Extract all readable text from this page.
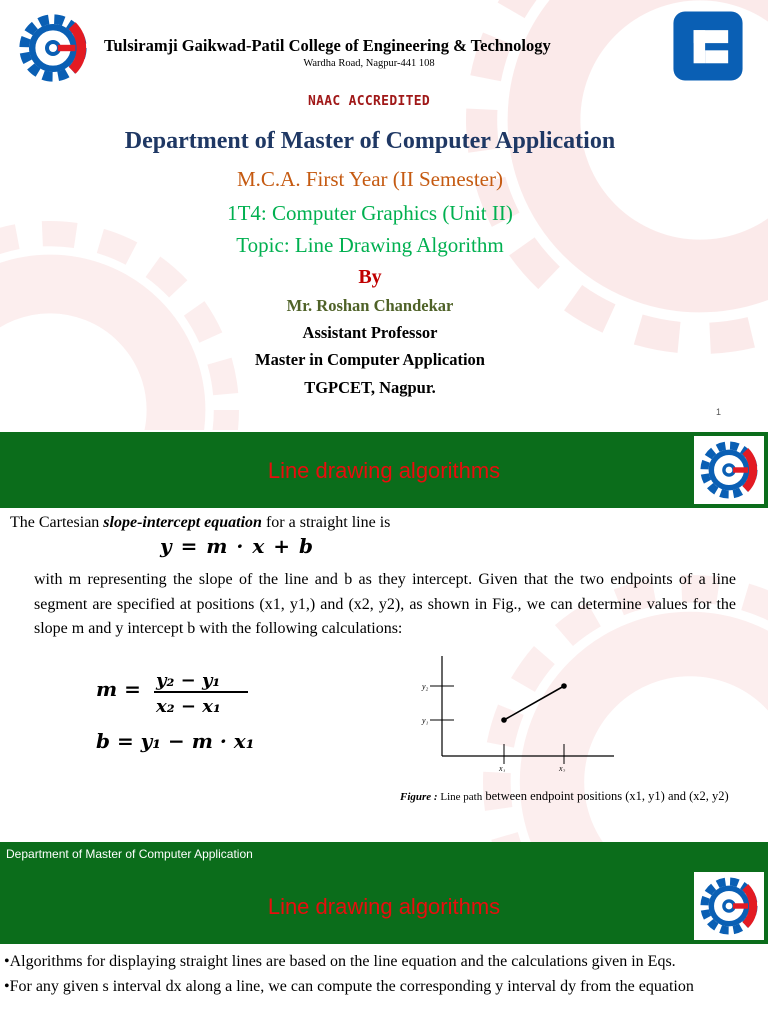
Tulsiramji Gaikwad-Patil College of Engineering & Technology
Wardha Road, Nagpur-441 108
NAAC ACCREDITED
Department of Master of Computer Application
M.C.A. First Year (II Semester)
1T4: Computer Graphics (Unit II)
Topic: Line Drawing Algorithm
By
Mr. Roshan Chandekar
Assistant Professor
Master in Computer Application
TGPCET, Nagpur.
1
Line drawing algorithms
The Cartesian slope-intercept equation for a straight line is
y = m · x + b
with m representing the slope of the line and b as they intercept. Given that the two endpoints of a line segment are specified at positions (x1, y1,) and (x2, y2), as shown in Fig., we can determine values for the slope m and y intercept b with the following calculations:
m = y₂ − y₁
x₂ − x₁
b = y₁ − m · x₁
y₂
y₁
x₁	x₂
Figure : Line path between endpoint positions (x1, y1) and (x2, y2)
Department of Master of Computer Application
Line drawing algorithms

•Algorithms for displaying straight lines are based on the line equation and the calculations given in Eqs.

•For any given s interval dx along a line, we can compute the corresponding y interval dy from the equation
